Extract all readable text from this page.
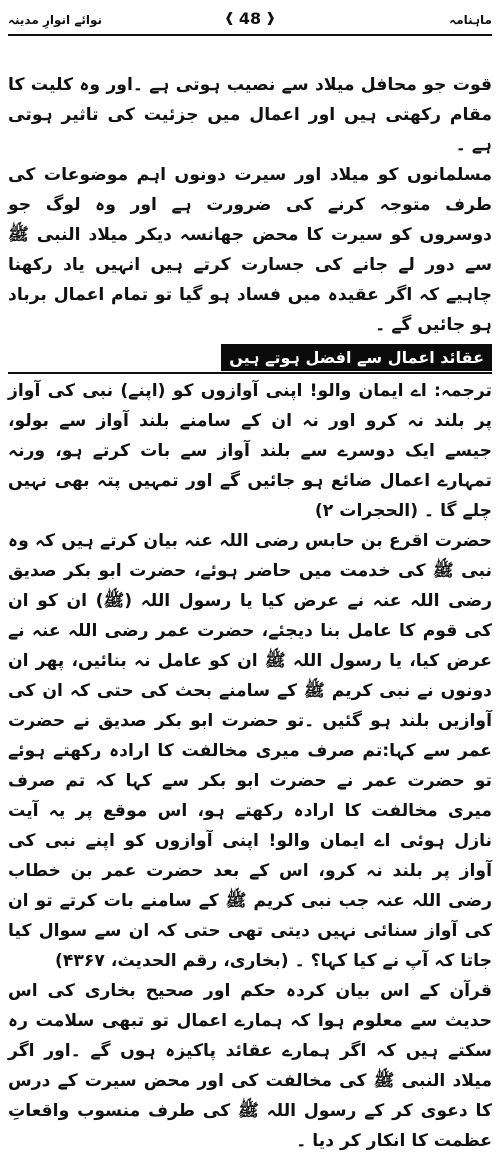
نوائے انوارِ مدینہ	❰ 48 ❱	ماہنامہ

قوت جو محافل میلاد سے نصیب ہوتی ہے ۔اور وہ کلیت کا مقام رکھتی ہیں اور اعمال میں جزئیت کی تاثیر ہوتی ہے ۔

مسلمانوں کو میلاد اور سیرت دونوں اہم موضوعات کی طرف متوجہ کرنے کی ضرورت ہے اور وہ لوگ جو دوسروں کو سیرت کا محض جھانسہ دیکر میلاد النبی ﷺ سے دور لے جانے کی جسارت کرتے ہیں انہیں یاد رکھنا چاہیے کہ اگر عقیدہ میں فساد ہو گیا تو تمام اعمال برباد ہو جائیں گے ۔

عقائد اعمال سے افضل ہوتے ہیں

ترجمہ: اے ایمان والو! اپنی آوازوں کو (اپنے) نبی کی آواز پر بلند نہ کرو اور نہ ان کے سامنے بلند آواز سے بولو، جیسے ایک دوسرے سے بلند آواز سے بات کرتے ہو، ورنہ تمہارے اعمال ضائع ہو جائیں گے اور تمہیں پتہ بھی نہیں چلے گا ۔ (الحجرات ۲)

حضرت اقرع بن حابس رضی اللہ عنہ بیان کرتے ہیں کہ وہ نبی ﷺ کی خدمت میں حاضر ہوئے، حضرت ابو بکر صدیق رضی اللہ عنہ نے عرض کیا یا رسول اللہ (ﷺ) ان کو ان کی قوم کا عامل بنا دیجئے، حضرت عمر رضی اللہ عنہ نے عرض کیا، یا رسول اللہ ﷺ ان کو عامل نہ بنائیں، پھر ان دونوں نے نبی کریم ﷺ کے سامنے بحث کی حتی کہ ان کی آوازیں بلند ہو گئیں ۔تو حضرت ابو بکر صدیق نے حضرت عمر سے کہا:تم صرف میری مخالفت کا ارادہ رکھتے ہوئے تو حضرت عمر نے حضرت ابو بکر سے کہا کہ تم صرف میری مخالفت کا ارادہ رکھتے ہو، اس موقع پر یہ آیت نازل ہوئی اے ایمان والو! اپنی آوازوں کو اپنے نبی کی آواز پر بلند نہ کرو، اس کے بعد حضرت عمر بن خطاب رضی اللہ عنہ جب نبی کریم ﷺ کے سامنے بات کرتے تو ان کی آواز سنائی نہیں دیتی تھی حتی کہ ان سے سوال کیا جاتا کہ آپ نے کیا کہا؟ ۔ (بخاری، رقم الحدیث، ۴۳۶۷)

قرآن کے اس بیان کردہ حکم اور صحیح بخاری کی اس حدیث سے معلوم ہوا کہ ہمارے اعمال تو تبھی سلامت رہ سکتے ہیں کہ اگر ہمارے عقائد پاکیزہ ہوں گے ۔اور اگر میلاد النبی ﷺ کی مخالفت کی اور محض سیرت کے درس کا دعوی کر کے رسول اللہ ﷺ کی طرف منسوب واقعاتِ عظمت کا انکار کر دیا ۔
